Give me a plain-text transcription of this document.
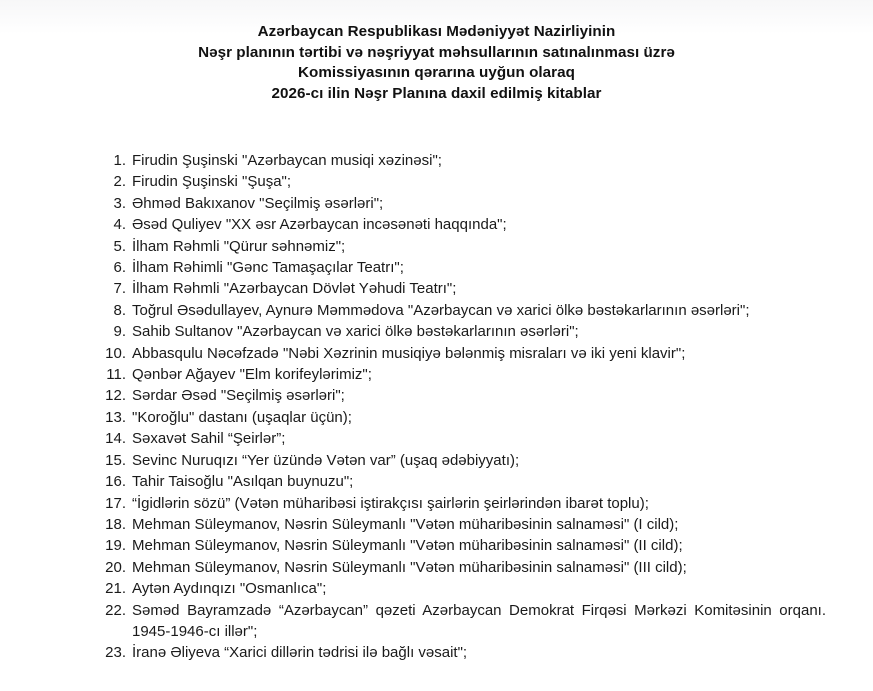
Azərbaycan Respublikası Mədəniyyət Nazirliyinin
Nəşr planının tərtibi və nəşriyyat məhsullarının satınalınması üzrə
Komissiyasının qərarına uyğun olaraq
2026-cı ilin Nəşr Planına daxil edilmiş kitablar
1. Firudin Şuşinski "Azərbaycan musiqi xəzinəsi";
2. Firudin Şuşinski "Şuşa";
3. Əhməd Bakıxanov "Seçilmiş əsərləri";
4. Əsəd Quliyev "XX əsr Azərbaycan incəsənəti haqqında";
5. İlham Rəhmli "Qürur səhnəmiz";
6. İlham Rəhimli "Gənc Tamaşaçılar Teatrı";
7. İlham Rəhmli "Azərbaycan Dövlət Yəhudi Teatrı";
8. Toğrul Əsədullayev, Aynurə Məmmədova "Azərbaycan və xarici ölkə bəstəkarlarının əsərləri";
9. Sahib Sultanov "Azərbaycan və xarici ölkə bəstəkarlarının əsərləri";
10. Abbasqulu Nəcəfzadə "Nəbi Xəzrinin musiqiyə bələnmiş misraları və iki yeni klavir";
11. Qənbər Ağayev "Elm korifeylərimiz";
12. Sərdar Əsəd "Seçilmiş əsərləri";
13. "Koroğlu" dastanı (uşaqlar üçün);
14. Səxavət Sahil “Şeirlər”;
15. Sevinc Nuruqızı “Yer üzündə Vətən var” (uşaq ədəbiyyatı);
16. Tahir Taisoğlu "Asılqan buynuzu";
17. “İgidlərin sözü” (Vətən müharibəsi iştirakçısı şairlərin şeirlərindən ibarət toplu);
18. Mehman Süleymanov, Nəsrin Süleymanlı "Vətən müharibəsinin salnaməsi" (I cild);
19. Mehman Süleymanov, Nəsrin Süleymanlı "Vətən müharibəsinin salnaməsi" (II cild);
20. Mehman Süleymanov, Nəsrin Süleymanlı "Vətən müharibəsinin salnaməsi" (III cild);
21. Aytən Aydınqızı "Osmanlıca";
22. Səməd Bayramzadə “Azərbaycan” qəzeti Azərbaycan Demokrat Firqəsi Mərkəzi Komitəsinin orqanı. 1945-1946-cı illər";
23. İranə Əliyeva “Xarici dillərin tədrisi ilə bağlı vəsait";
